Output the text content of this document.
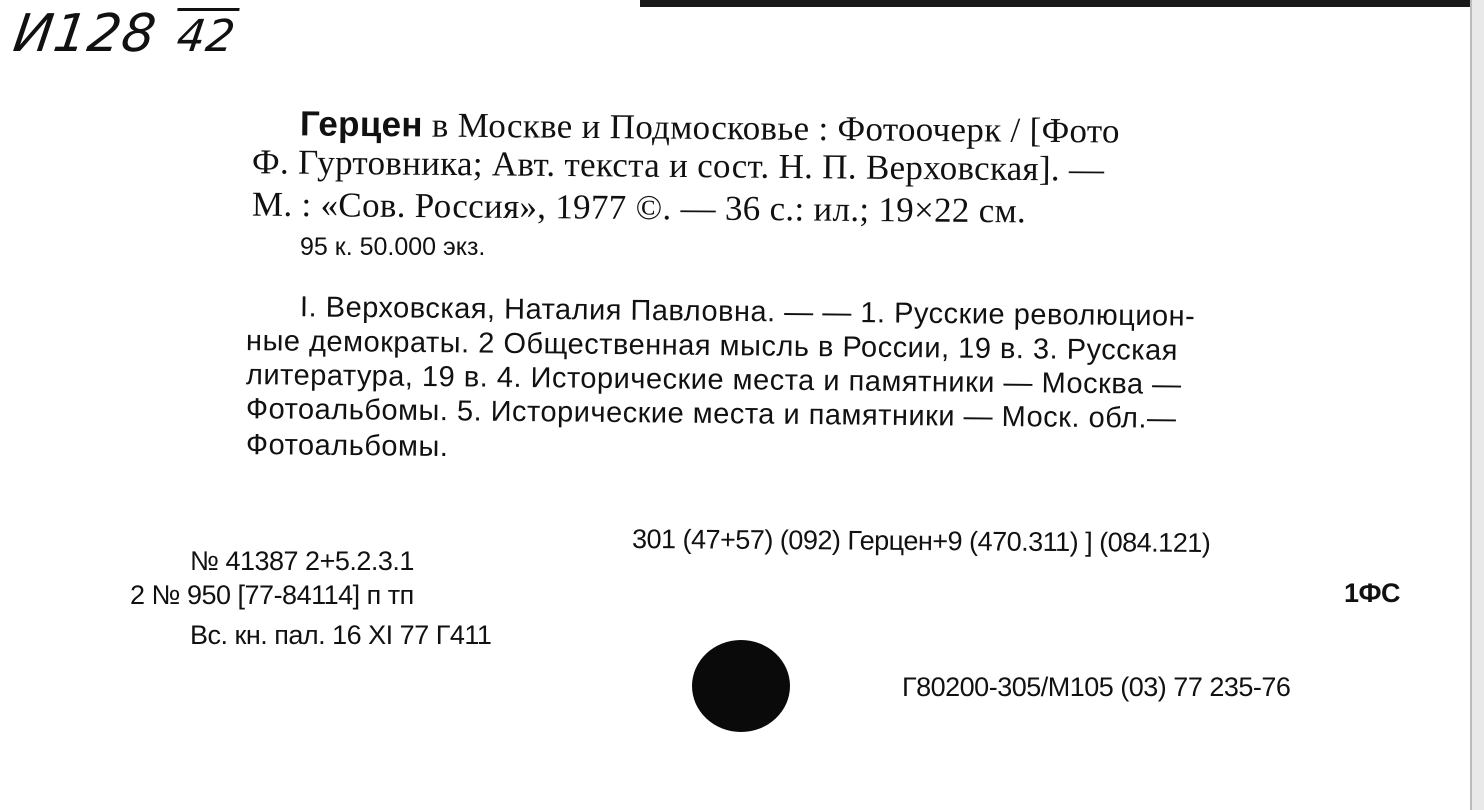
И128 42
Герцен в Москве и Подмосковье : Фотоочерк / [Фото
Ф. Гуртовника; Авт. текста и сост. Н. П. Верховская]. —
М. : «Сов. Россия», 1977 ©. — 36 с.: ил.; 19×22 см.
95 к. 50.000 экз.
I. Верховская, Наталия Павловна. — — 1. Русские революцион-
ные демократы. 2 Общественная мысль в России, 19 в. 3. Русская
литература, 19 в. 4. Исторические места и памятники — Москва —
Фотоальбомы. 5. Исторические места и памятники — Моск. обл.—
Фотоальбомы.
№ 41387 2+5.2.3.1
2 № 950 [77-84114] п тп
Вс. кн. пал. 16 XI 77 Г411
301 (47+57) (092) Герцен+9 (470.311) ] (084.121)
1ФС
Г80200-305/М105 (03) 77 235-76
